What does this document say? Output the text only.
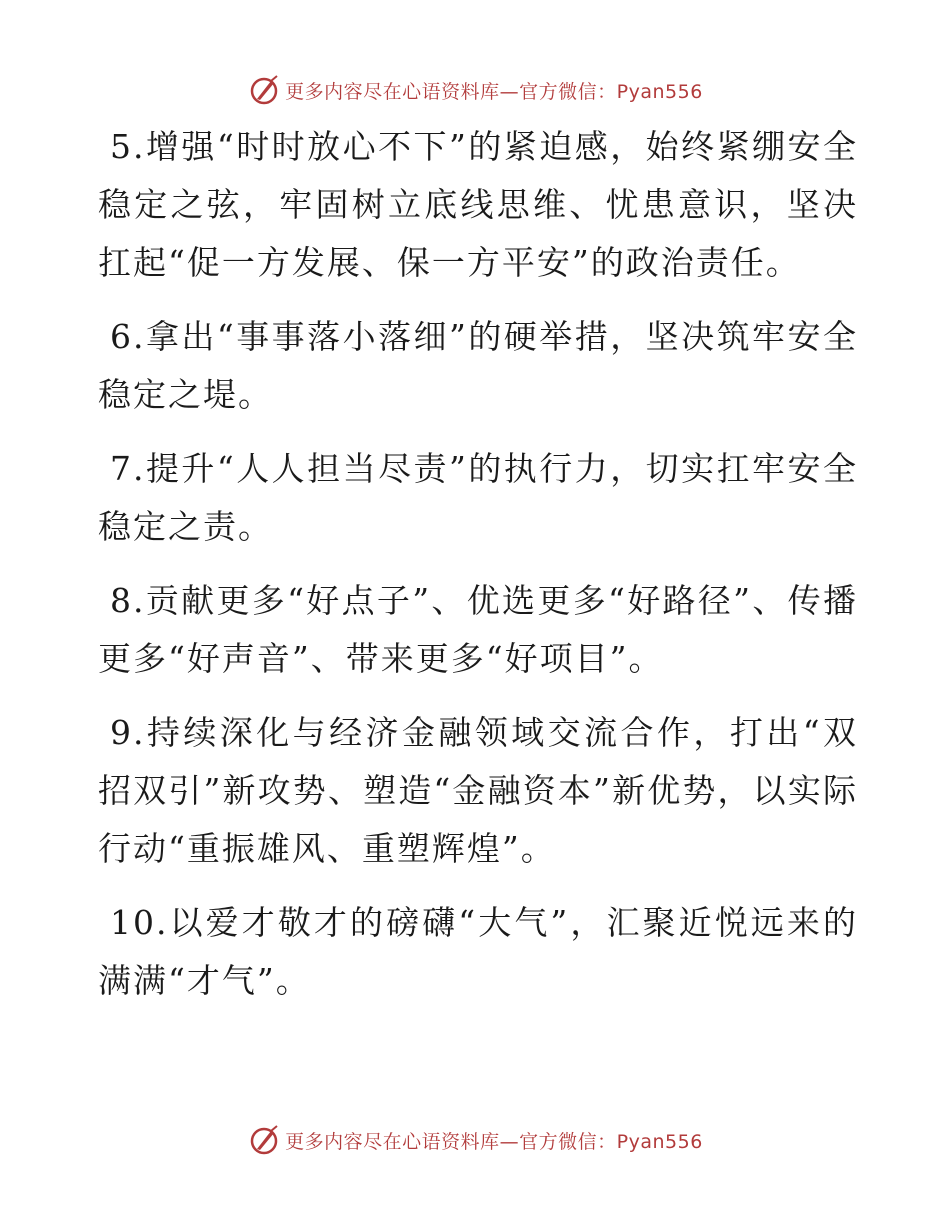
更多内容尽在心语资料库—官方微信：Pyan556

5.增强“时时放心不下”的紧迫感，始终紧绷安全稳定之弦，牢固树立底线思维、忧患意识，坚决扛起“促一方发展、保一方平安”的政治责任。

6.拿出“事事落小落细”的硬举措，坚决筑牢安全稳定之堤。

7.提升“人人担当尽责”的执行力，切实扛牢安全稳定之责。

8.贡献更多“好点子”、优选更多“好路径”、传播更多“好声音”、带来更多“好项目”。

9.持续深化与经济金融领域交流合作，打出“双招双引”新攻势、塑造“金融资本”新优势，以实际行动“重振雄风、重塑辉煌”。

10.以爱才敬才的磅礴“大气”，汇聚近悦远来的满满“才气”。

更多内容尽在心语资料库—官方微信：Pyan556
